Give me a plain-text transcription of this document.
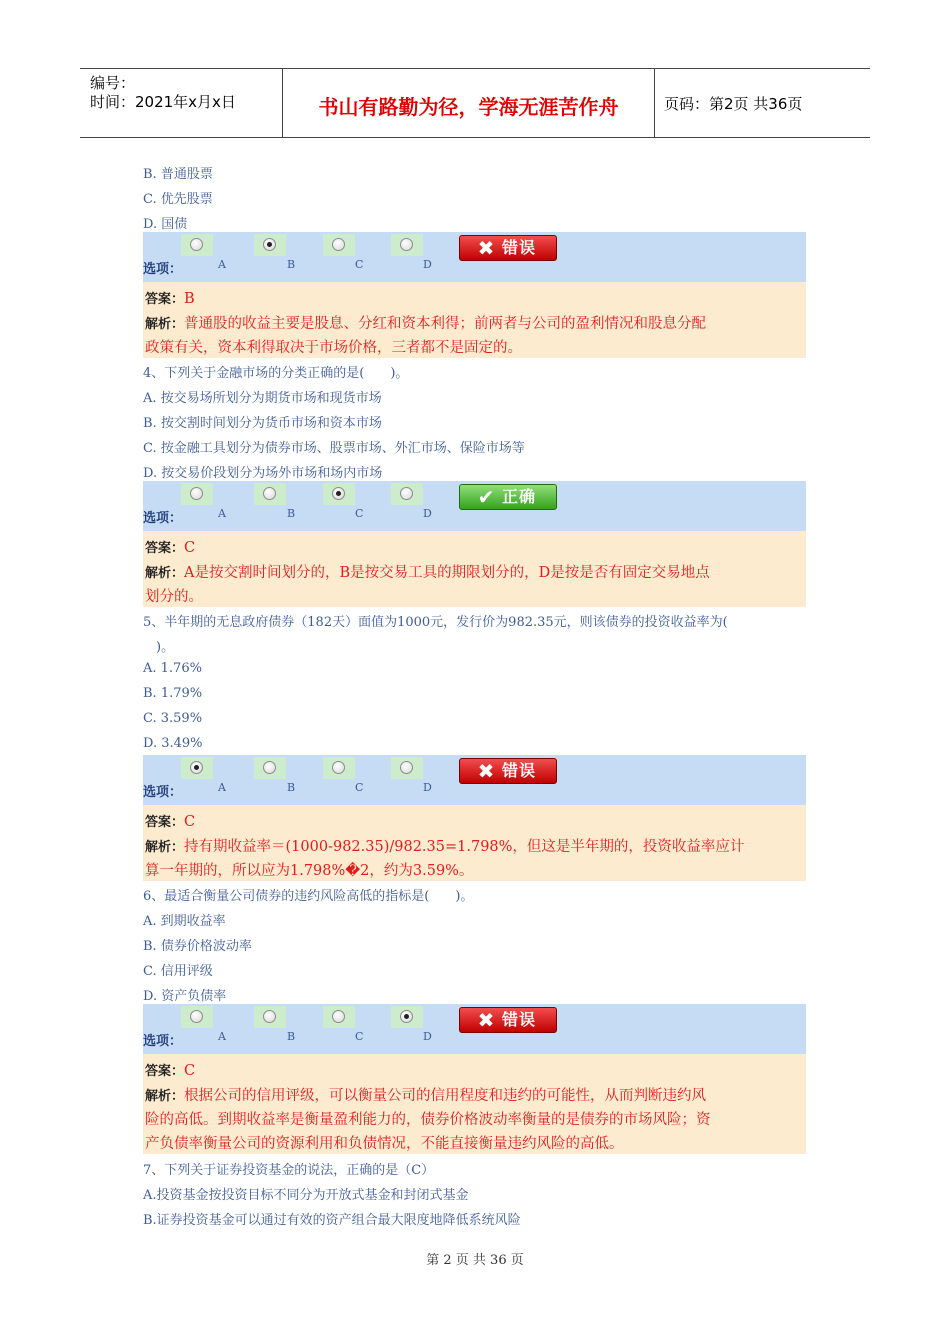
编号：
时间：2021年x月x日	书山有路勤为径，学海无涯苦作舟	页码：第2页 共36页
B. 普通股票
C. 优先股票
D. 国债
选项：	A	B	C	D
✖ 错误
答案：B
解析：普通股的收益主要是股息、分红和资本利得；前两者与公司的盈利情况和股息分配
政策有关，资本利得取决于市场价格，三者都不是固定的。
4、下列关于金融市场的分类正确的是(　　)。
A. 按交易场所划分为期货市场和现货市场
B. 按交割时间划分为货币市场和资本市场
C. 按金融工具划分为债券市场、股票市场、外汇市场、保险市场等
D. 按交易价段划分为场外市场和场内市场
选项：	A	B	C	D
✔ 正确
答案：C
解析：A是按交割时间划分的，B是按交易工具的期限划分的，D是按是否有固定交易地点
划分的。
5、半年期的无息政府债券（182天）面值为1000元，发行价为982.35元，则该债券的投资收益率为(
　)。
A. 1.76%
B. 1.79%
C. 3.59%
D. 3.49%
选项：	A	B	C	D
✖ 错误
答案：C
解析：持有期收益率＝(1000-982.35)/982.35=1.798%，但这是半年期的，投资收益率应计
算一年期的，所以应为1.798%�2，约为3.59%。
6、最适合衡量公司债券的违约风险高低的指标是(　　)。
A. 到期收益率
B. 债券价格波动率
C. 信用评级
D. 资产负债率
选项：	A	B	C	D
✖ 错误
答案：C
解析：根据公司的信用评级，可以衡量公司的信用程度和违约的可能性，从而判断违约风
险的高低。到期收益率是衡量盈利能力的，债券价格波动率衡量的是债券的市场风险；资
产负债率衡量公司的资源利用和负债情况，不能直接衡量违约风险的高低。
7、下列关于证券投资基金的说法，正确的是（C）
A.投资基金按投资目标不同分为开放式基金和封闭式基金
B.证券投资基金可以通过有效的资产组合最大限度地降低系统风险
第 2 页 共 36 页
